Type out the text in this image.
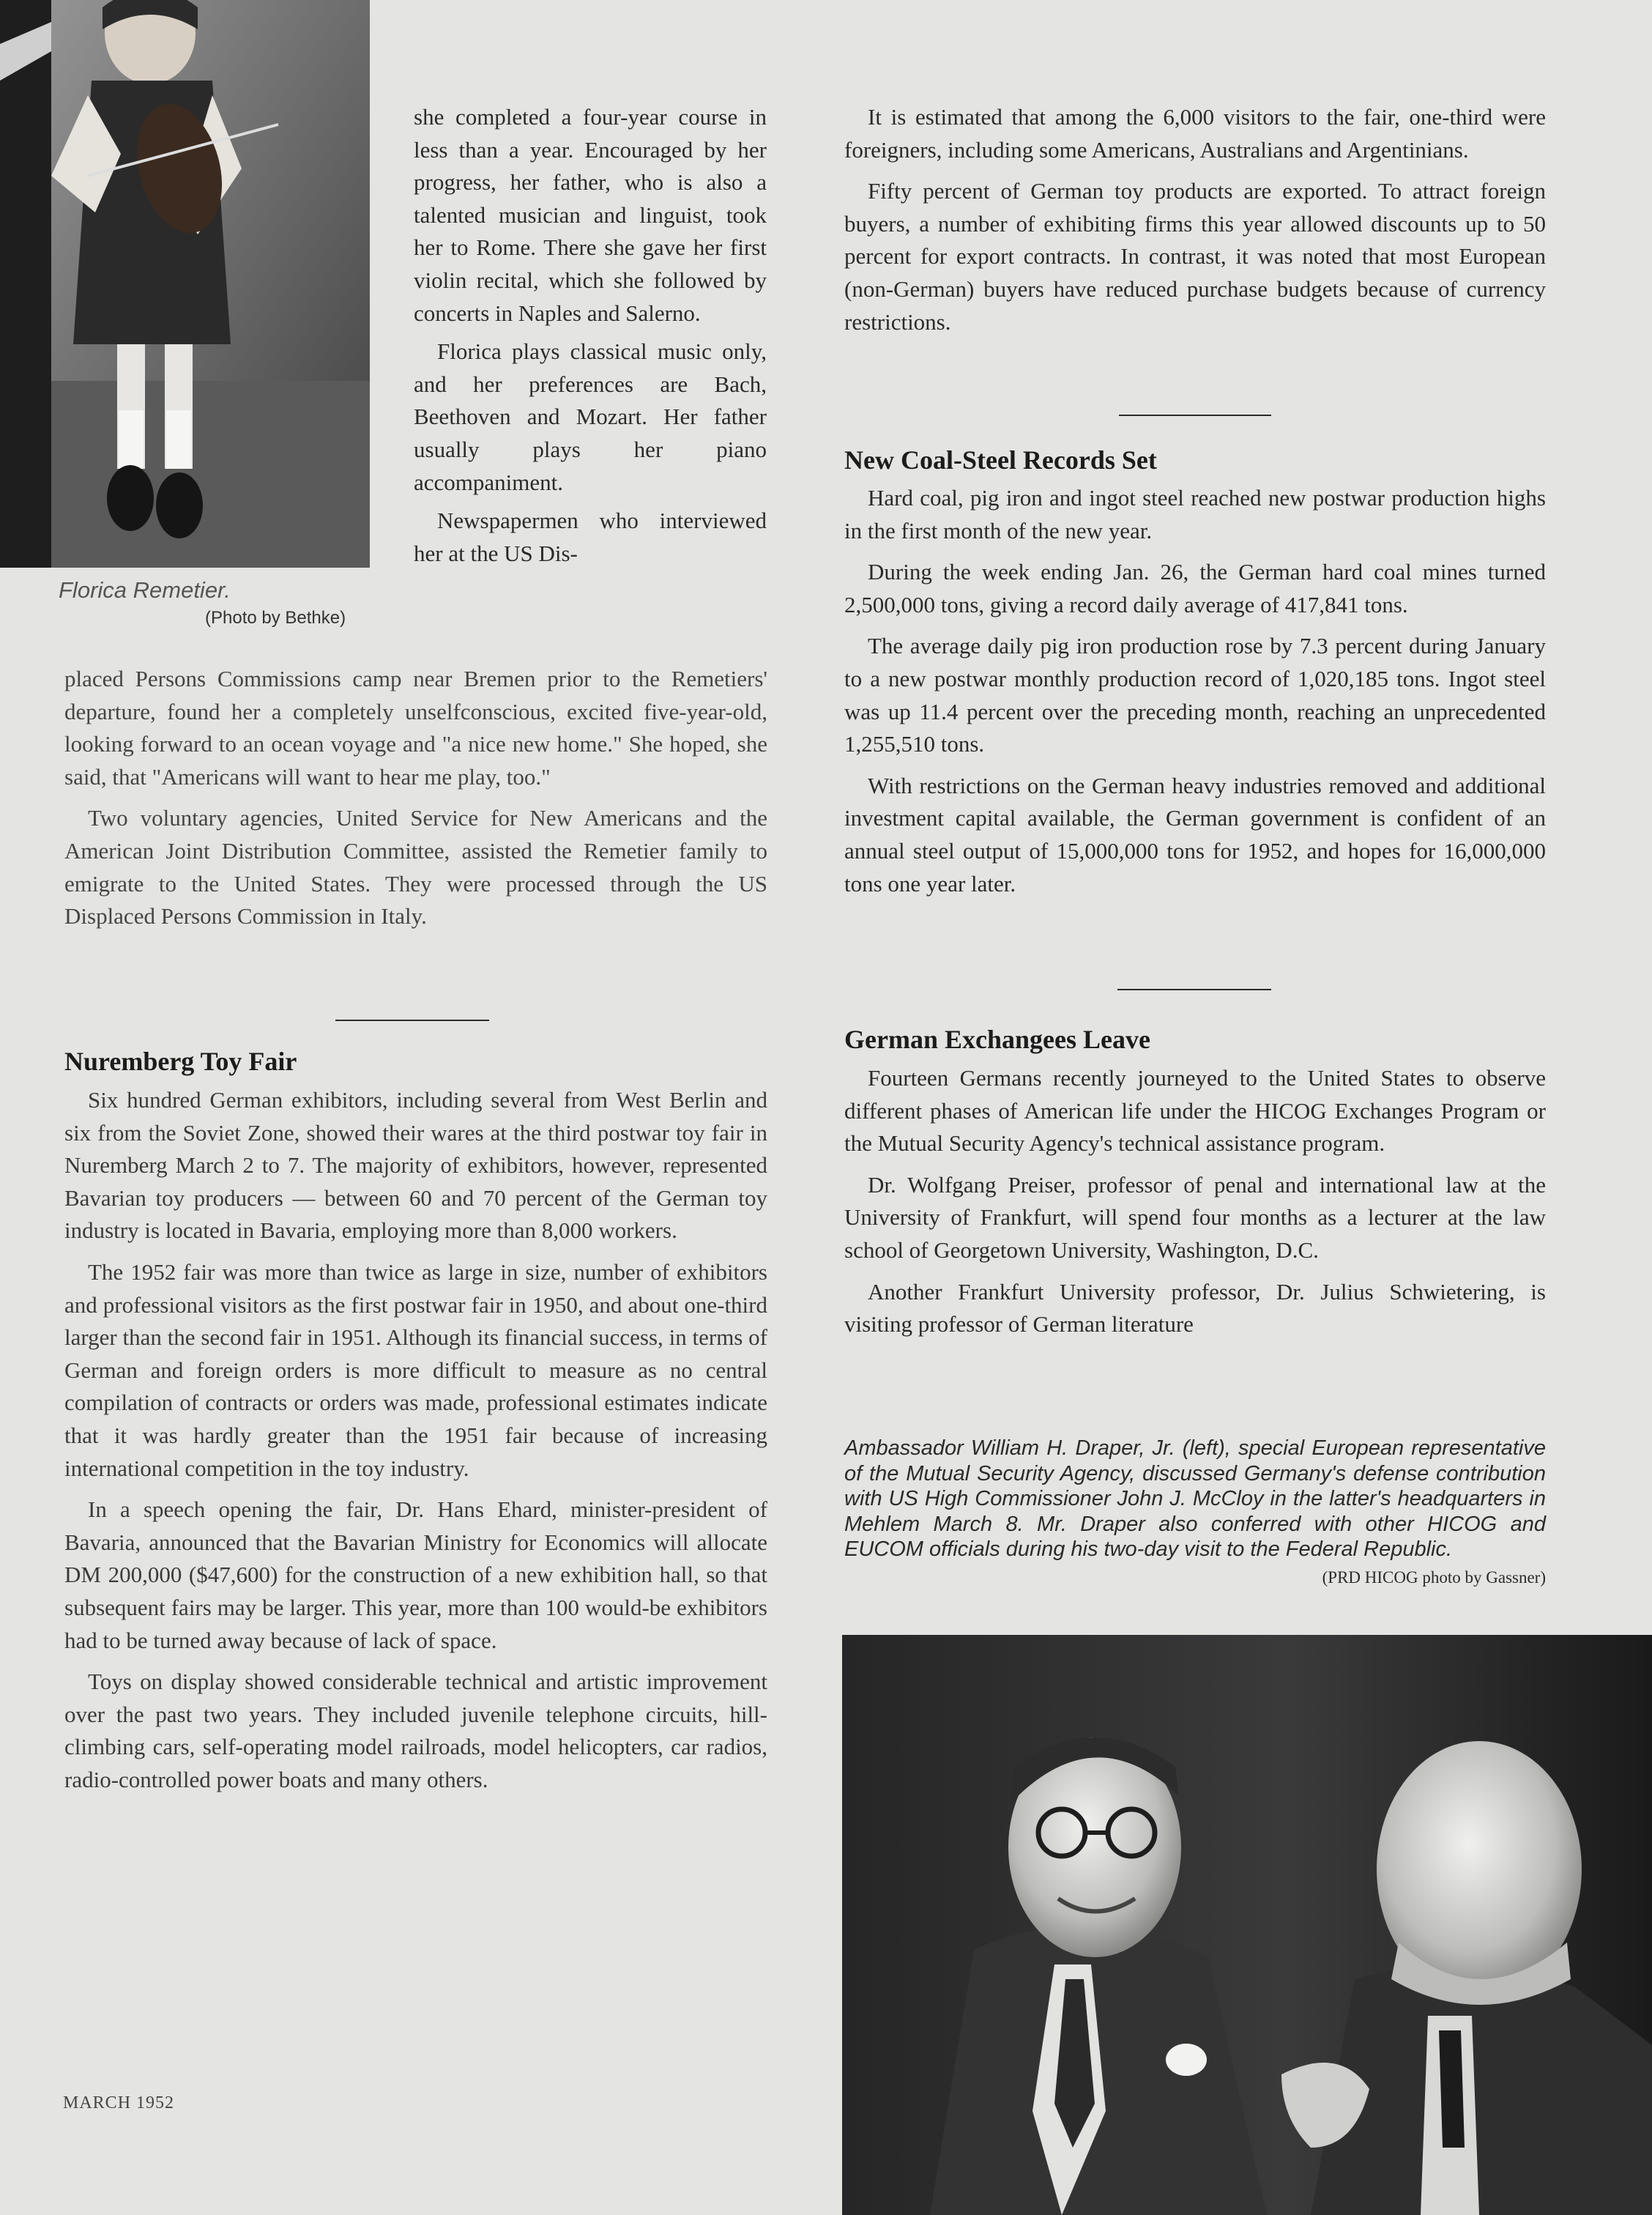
Florica Remetier.
(Photo by Bethke)

she completed a four-year course in less than a year. Encouraged by her progress, her father, who is also a talented musician and linguist, took her to Rome. There she gave her first violin recital, which she followed by concerts in Naples and Salerno.

Florica plays classical music only, and her preferences are Bach, Beethoven and Mozart. Her father usually plays her piano accompaniment.

Newspapermen who interviewed her at the US Dis-

placed Persons Commissions camp near Bremen prior to the Remetiers' departure, found her a completely unselfconscious, excited five-year-old, looking forward to an ocean voyage and "a nice new home." She hoped, she said, that "Americans will want to hear me play, too."

Two voluntary agencies, United Service for New Americans and the American Joint Distribution Committee, assisted the Remetier family to emigrate to the United States. They were processed through the US Displaced Persons Commission in Italy.

Nuremberg Toy Fair

Six hundred German exhibitors, including several from West Berlin and six from the Soviet Zone, showed their wares at the third postwar toy fair in Nuremberg March 2 to 7. The majority of exhibitors, however, represented Bavarian toy producers — between 60 and 70 percent of the German toy industry is located in Bavaria, employing more than 8,000 workers.

The 1952 fair was more than twice as large in size, number of exhibitors and professional visitors as the first postwar fair in 1950, and about one-third larger than the second fair in 1951. Although its financial success, in terms of German and foreign orders is more difficult to measure as no central compilation of contracts or orders was made, professional estimates indicate that it was hardly greater than the 1951 fair because of increasing international competition in the toy industry.

In a speech opening the fair, Dr. Hans Ehard, minister-president of Bavaria, announced that the Bavarian Ministry for Economics will allocate DM 200,000 ($47,600) for the construction of a new exhibition hall, so that subsequent fairs may be larger. This year, more than 100 would-be exhibitors had to be turned away because of lack of space.

Toys on display showed considerable technical and artistic improvement over the past two years. They included juvenile telephone circuits, hill-climbing cars, self-operating model railroads, model helicopters, car radios, radio-controlled power boats and many others.

MARCH 1952

It is estimated that among the 6,000 visitors to the fair, one-third were foreigners, including some Americans, Australians and Argentinians.

Fifty percent of German toy products are exported. To attract foreign buyers, a number of exhibiting firms this year allowed discounts up to 50 percent for export contracts. In contrast, it was noted that most European (non-German) buyers have reduced purchase budgets because of currency restrictions.

New Coal-Steel Records Set

Hard coal, pig iron and ingot steel reached new postwar production highs in the first month of the new year.

During the week ending Jan. 26, the German hard coal mines turned 2,500,000 tons, giving a record daily average of 417,841 tons.

The average daily pig iron production rose by 7.3 percent during January to a new postwar monthly production record of 1,020,185 tons. Ingot steel was up 11.4 percent over the preceding month, reaching an unprecedented 1,255,510 tons.

With restrictions on the German heavy industries removed and additional investment capital available, the German government is confident of an annual steel output of 15,000,000 tons for 1952, and hopes for 16,000,000 tons one year later.

German Exchangees Leave

Fourteen Germans recently journeyed to the United States to observe different phases of American life under the HICOG Exchanges Program or the Mutual Security Agency's technical assistance program.

Dr. Wolfgang Preiser, professor of penal and international law at the University of Frankfurt, will spend four months as a lecturer at the law school of Georgetown University, Washington, D.C.

Another Frankfurt University professor, Dr. Julius Schwietering, is visiting professor of German literature

Ambassador William H. Draper, Jr. (left), special European representative of the Mutual Security Agency, discussed Germany's defense contribution with US High Commissioner John J. McCloy in the latter's headquarters in Mehlem March 8. Mr. Draper also conferred with other HICOG and EUCOM officials during his two-day visit to the Federal Republic.
(PRD HICOG photo by Gassner)
